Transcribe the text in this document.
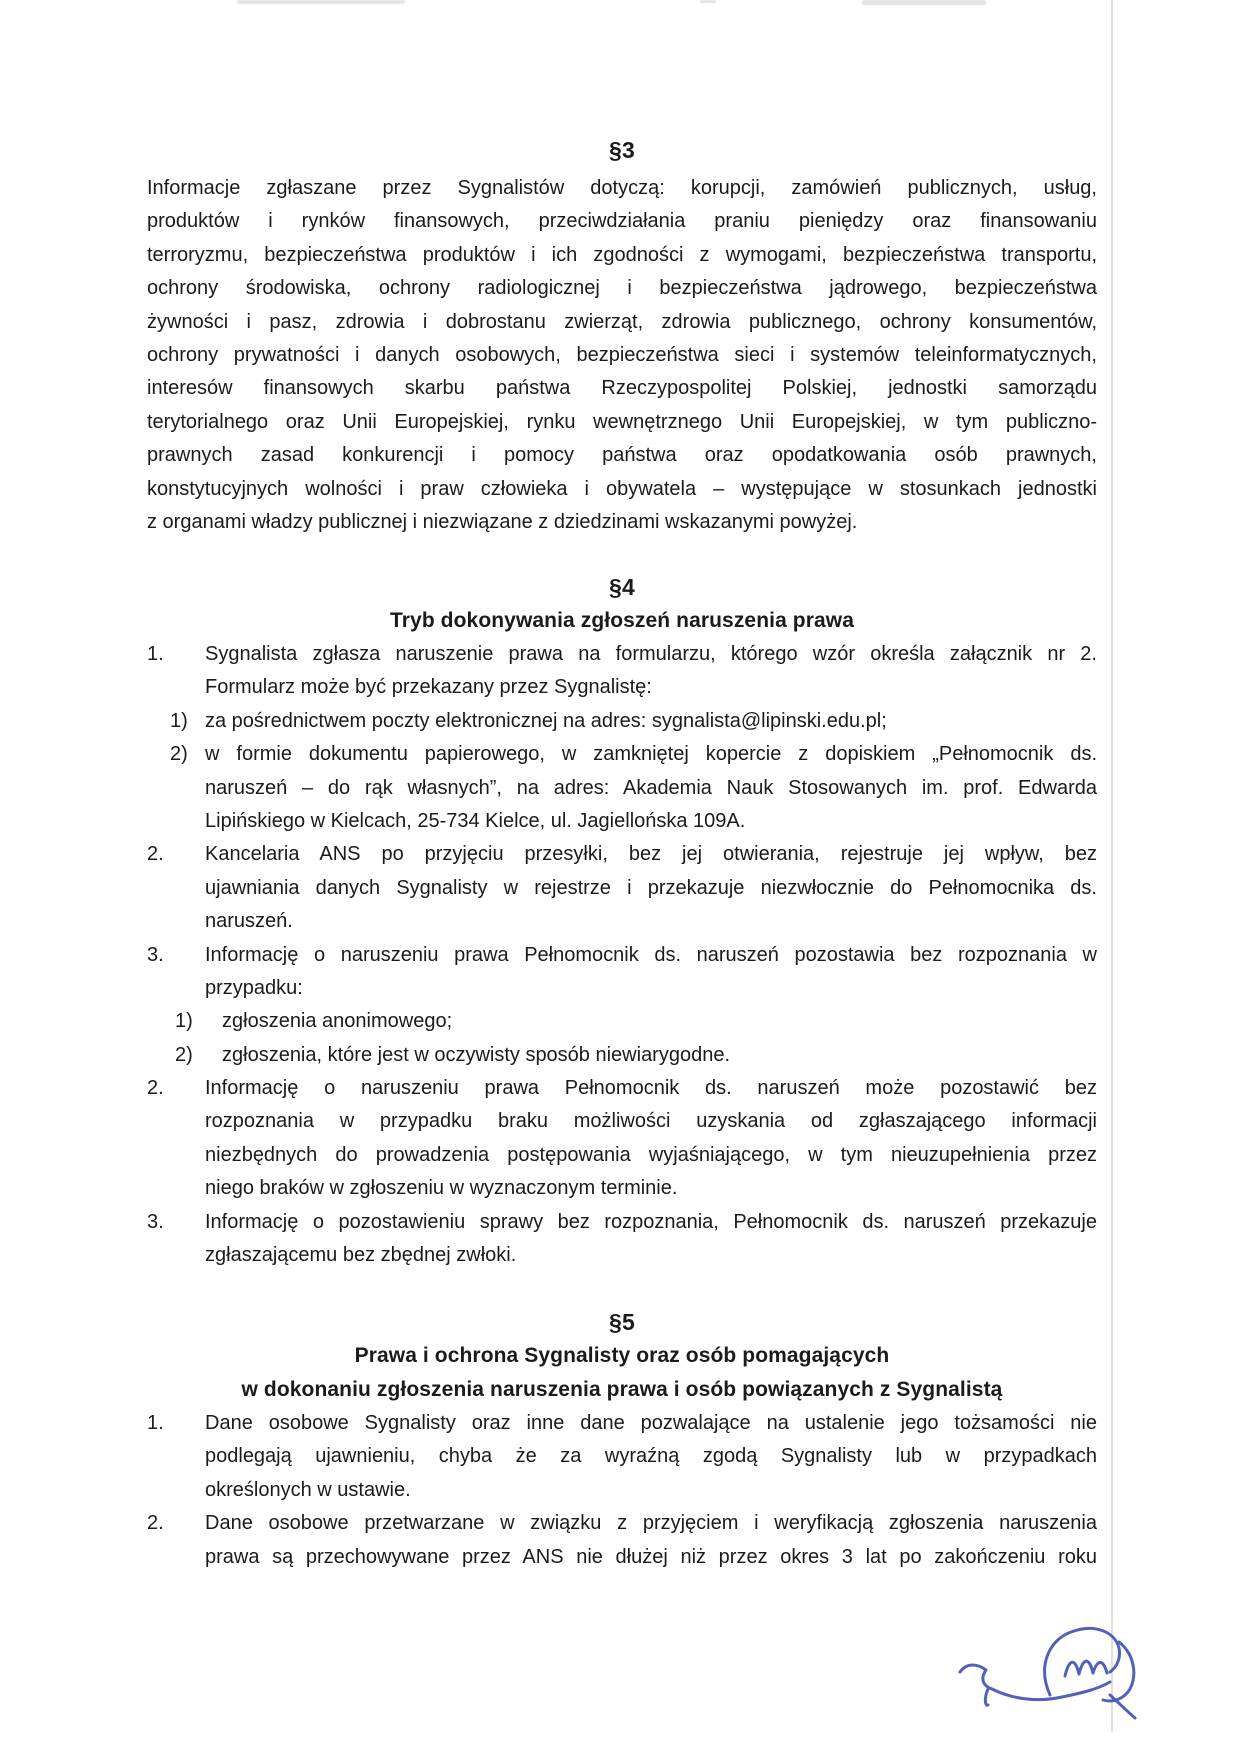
§3
Informacje zgłaszane przez Sygnalistów dotyczą: korupcji, zamówień publicznych, usług,
produktów i rynków finansowych, przeciwdziałania praniu pieniędzy oraz finansowaniu
terroryzmu, bezpieczeństwa produktów i ich zgodności z wymogami, bezpieczeństwa transportu,
ochrony środowiska, ochrony radiologicznej i bezpieczeństwa jądrowego, bezpieczeństwa
żywności i pasz, zdrowia i dobrostanu zwierząt, zdrowia publicznego, ochrony konsumentów,
ochrony prywatności i danych osobowych, bezpieczeństwa sieci i systemów teleinformatycznych,
interesów finansowych skarbu państwa Rzeczypospolitej Polskiej, jednostki samorządu
terytorialnego oraz Unii Europejskiej, rynku wewnętrznego Unii Europejskiej, w tym publiczno-
prawnych zasad konkurencji i pomocy państwa oraz opodatkowania osób prawnych,
konstytucyjnych wolności i praw człowieka i obywatela – występujące w stosunkach jednostki
z organami władzy publicznej i niezwiązane z dziedzinami wskazanymi powyżej.
§4
Tryb dokonywania zgłoszeń naruszenia prawa
1. Sygnalista zgłasza naruszenie prawa na formularzu, którego wzór określa załącznik nr 2.
Formularz może być przekazany przez Sygnalistę:
1) za pośrednictwem poczty elektronicznej na adres: sygnalista@lipinski.edu.pl;
2) w formie dokumentu papierowego, w zamkniętej kopercie z dopiskiem „Pełnomocnik ds.
naruszeń – do rąk własnych”, na adres: Akademia Nauk Stosowanych im. prof. Edwarda
Lipińskiego w Kielcach, 25-734 Kielce, ul. Jagiellońska 109A.
2. Kancelaria ANS po przyjęciu przesyłki, bez jej otwierania, rejestruje jej wpływ, bez
ujawniania danych Sygnalisty w rejestrze i przekazuje niezwłocznie do Pełnomocnika ds.
naruszeń.
3. Informację o naruszeniu prawa Pełnomocnik ds. naruszeń pozostawia bez rozpoznania w
przypadku:
1) zgłoszenia anonimowego;
2) zgłoszenia, które jest w oczywisty sposób niewiarygodne.
2. Informację o naruszeniu prawa Pełnomocnik ds. naruszeń może pozostawić bez
rozpoznania w przypadku braku możliwości uzyskania od zgłaszającego informacji
niezbędnych do prowadzenia postępowania wyjaśniającego, w tym nieuzupełnienia przez
niego braków w zgłoszeniu w wyznaczonym terminie.
3. Informację o pozostawieniu sprawy bez rozpoznania, Pełnomocnik ds. naruszeń przekazuje
zgłaszającemu bez zbędnej zwłoki.
§5
Prawa i ochrona Sygnalisty oraz osób pomagających
w dokonaniu zgłoszenia naruszenia prawa i osób powiązanych z Sygnalistą
1. Dane osobowe Sygnalisty oraz inne dane pozwalające na ustalenie jego tożsamości nie
podlegają ujawnieniu, chyba że za wyraźną zgodą Sygnalisty lub w przypadkach
określonych w ustawie.
2. Dane osobowe przetwarzane w związku z przyjęciem i weryfikacją zgłoszenia naruszenia
prawa są przechowywane przez ANS nie dłużej niż przez okres 3 lat po zakończeniu roku
